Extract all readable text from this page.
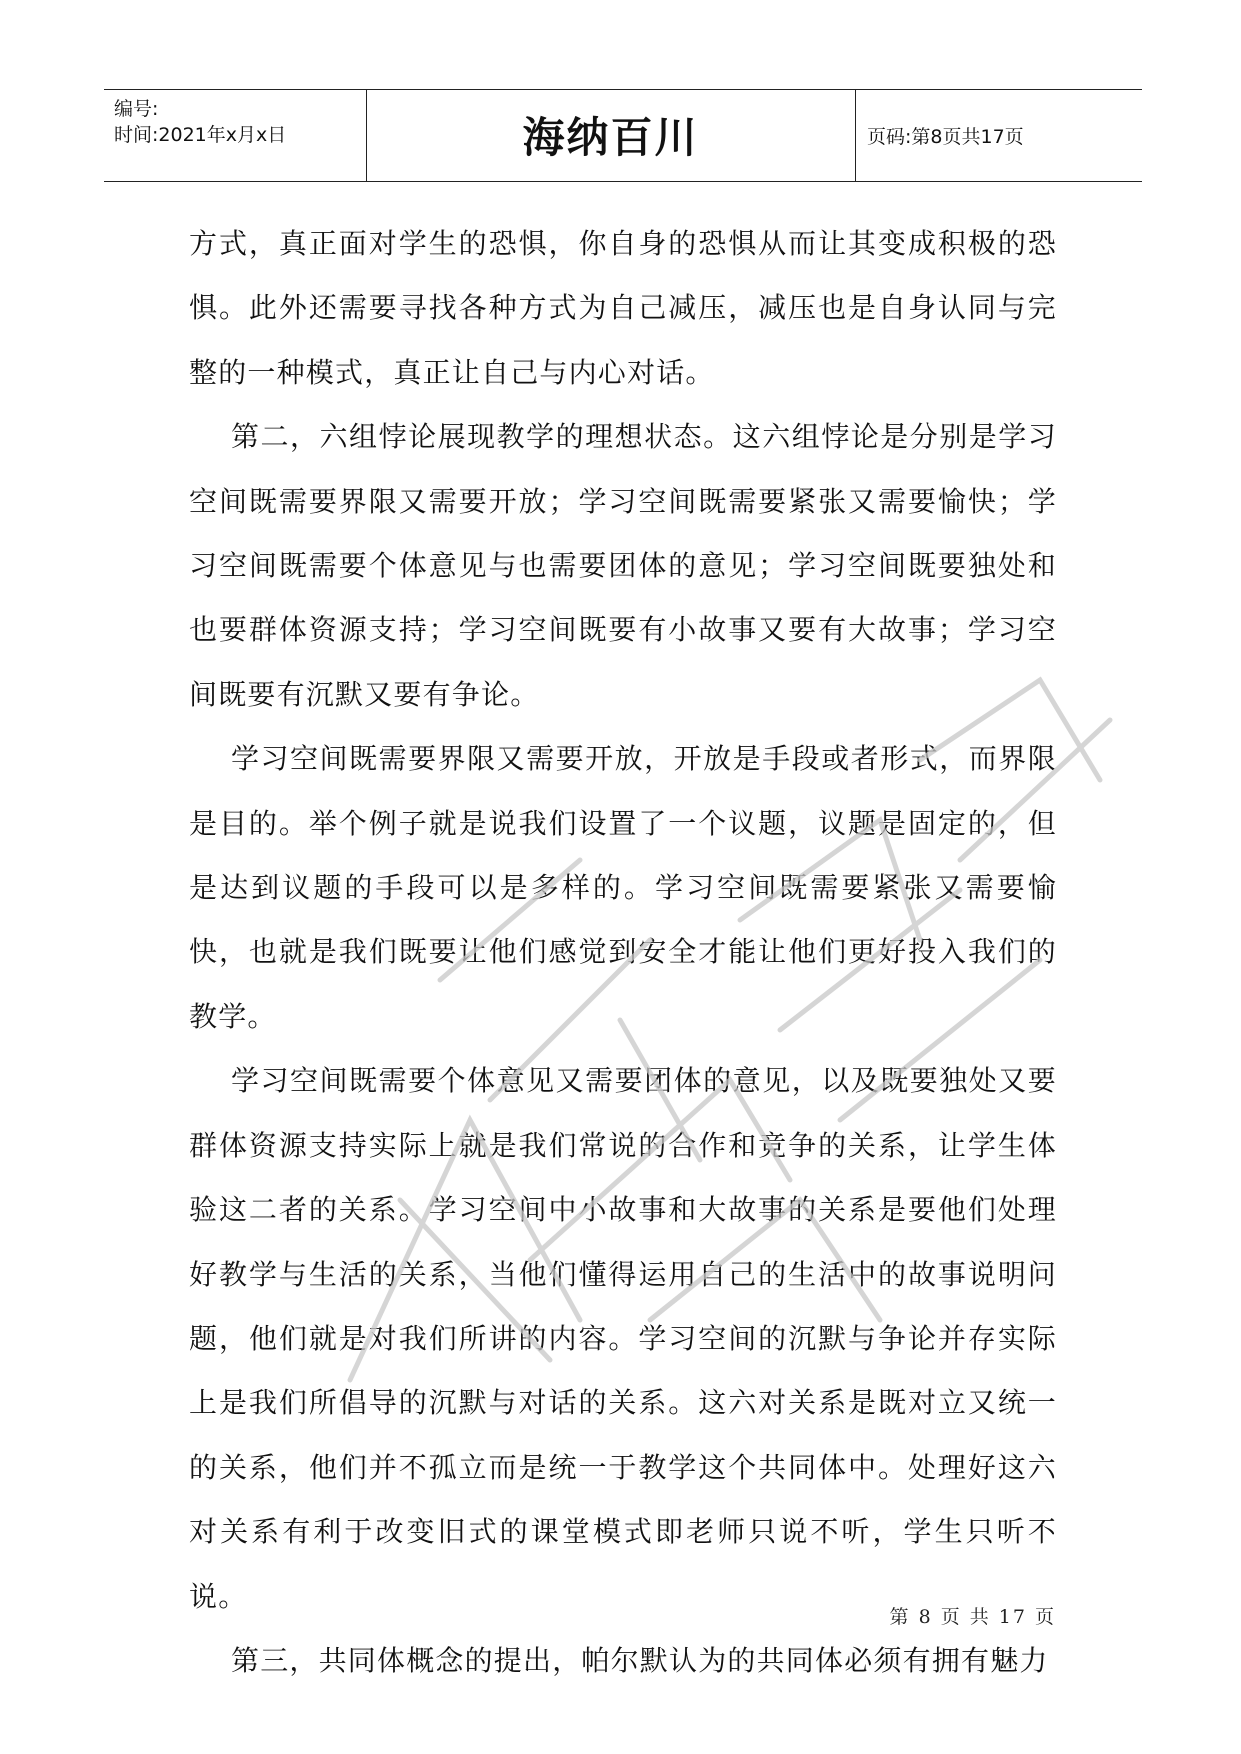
编号:
时间:2021年x月x日	海纳百川	页码:第8页共17页

方式，真正面对学生的恐惧，你自身的恐惧从而让其变成积极的恐惧。此外还需要寻找各种方式为自己减压，减压也是自身认同与完整的一种模式，真正让自己与内心对话。

第二，六组悖论展现教学的理想状态。这六组悖论是分别是学习空间既需要界限又需要开放；学习空间既需要紧张又需要愉快；学习空间既需要个体意见与也需要团体的意见；学习空间既要独处和也要群体资源支持；学习空间既要有小故事又要有大故事；学习空间既要有沉默又要有争论。

学习空间既需要界限又需要开放，开放是手段或者形式，而界限是目的。举个例子就是说我们设置了一个议题，议题是固定的，但是达到议题的手段可以是多样的。学习空间既需要紧张又需要愉快，也就是我们既要让他们感觉到安全才能让他们更好投入我们的教学。

学习空间既需要个体意见又需要团体的意见，以及既要独处又要群体资源支持实际上就是我们常说的合作和竞争的关系，让学生体验这二者的关系。学习空间中小故事和大故事的关系是要他们处理好教学与生活的关系，当他们懂得运用自己的生活中的故事说明问题，他们就是对我们所讲的内容。学习空间的沉默与争论并存实际上是我们所倡导的沉默与对话的关系。这六对关系是既对立又统一的关系，他们并不孤立而是统一于教学这个共同体中。处理好这六对关系有利于改变旧式的课堂模式即老师只说不听，学生只听不说。

第三，共同体概念的提出，帕尔默认为的共同体必须有拥有魅力

第 8 页 共 17 页
